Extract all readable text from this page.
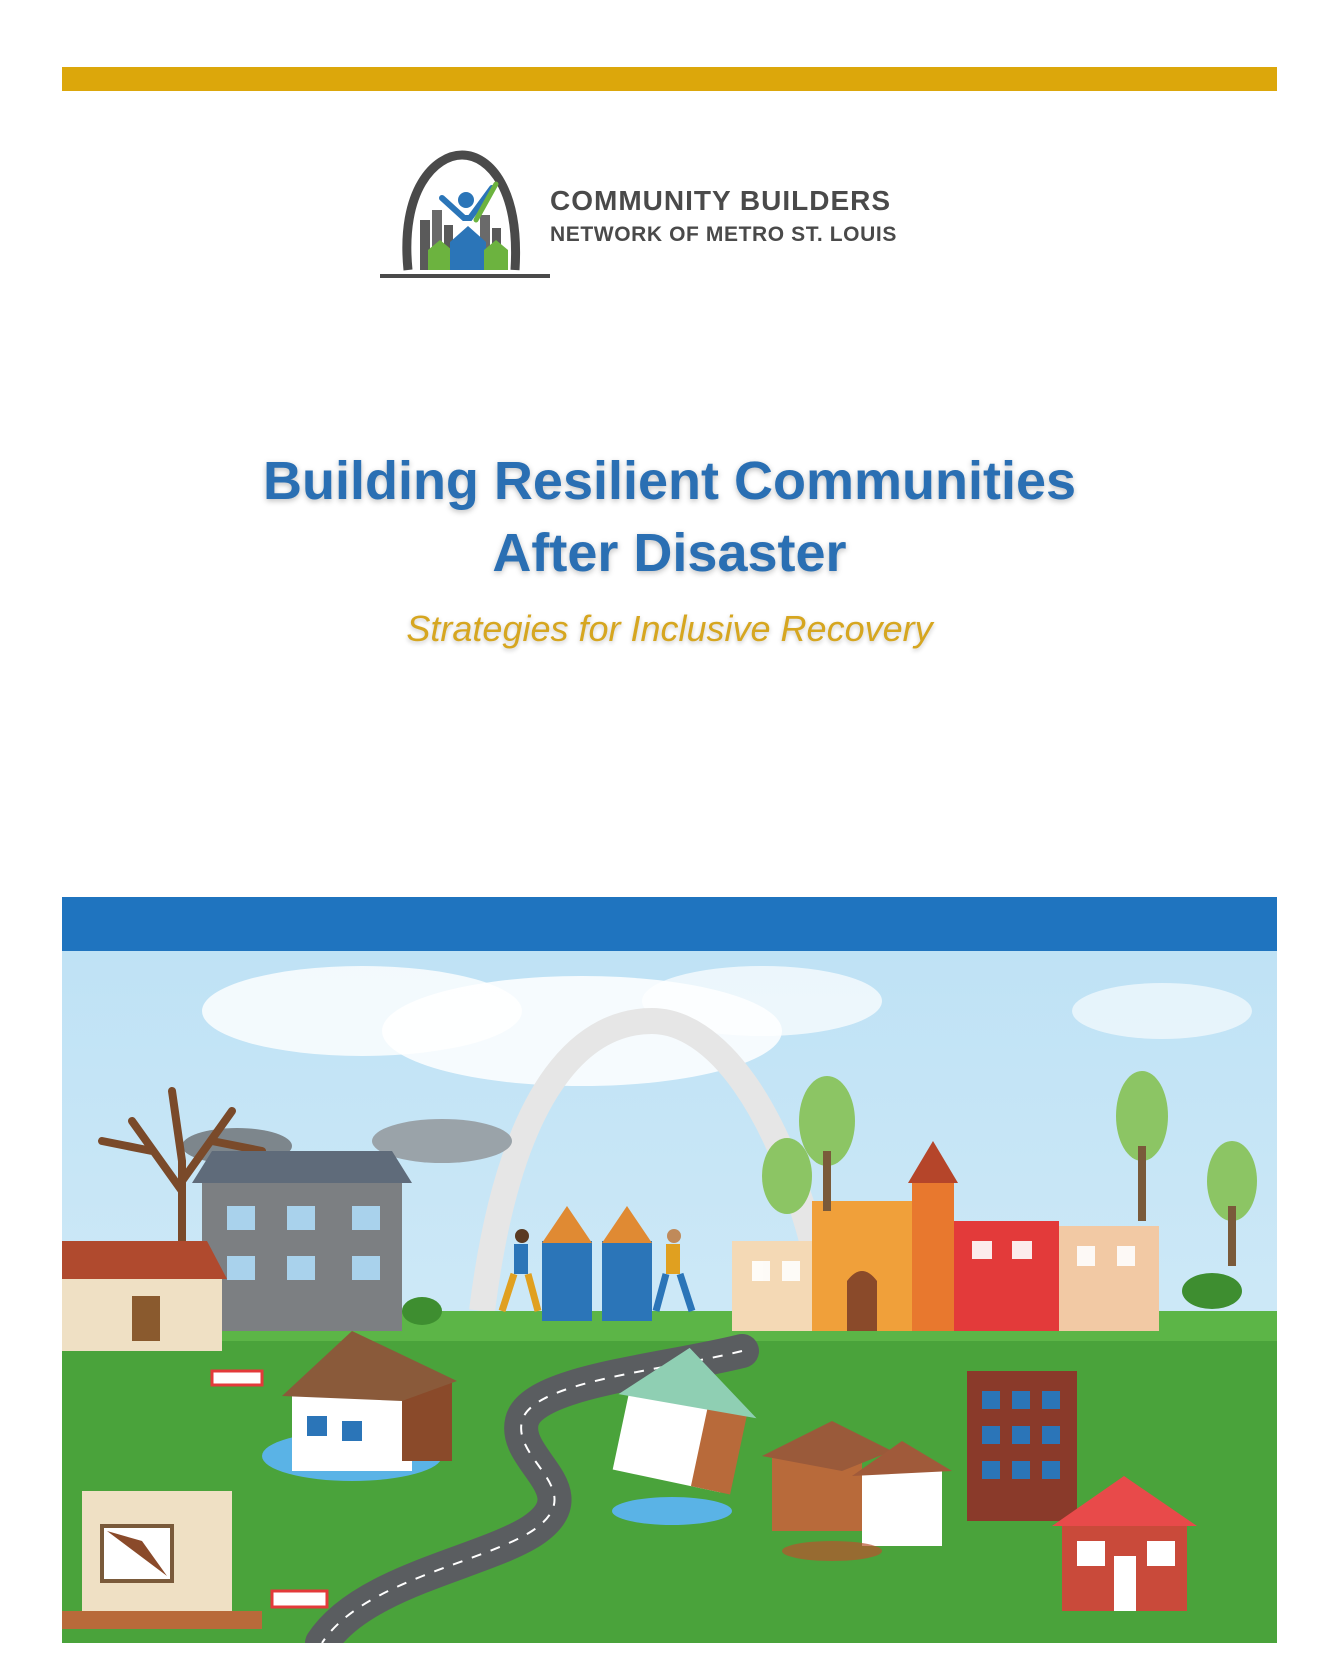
COMMUNITY BUILDERS
NETWORK OF METRO ST. LOUIS
Building Resilient Communities
After Disaster
Strategies for Inclusive Recovery
